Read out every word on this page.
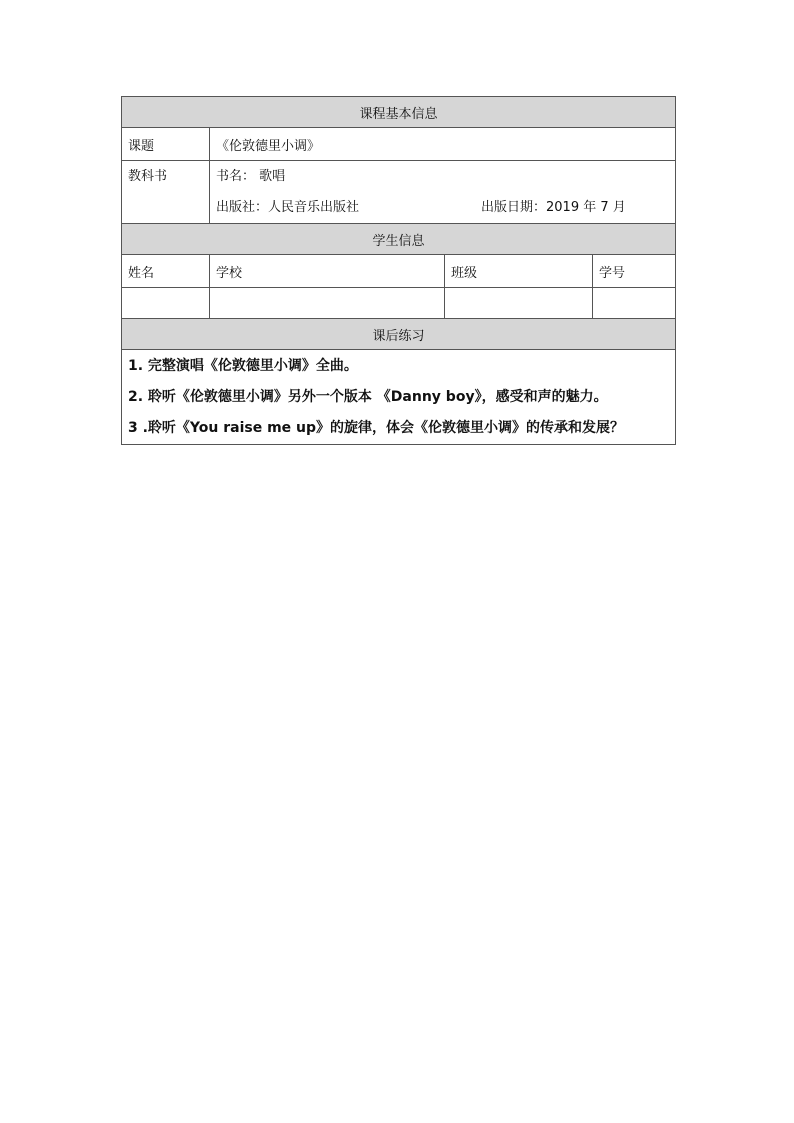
课程基本信息			
课题	《伦敦德里小调》		
教科书	书名： 歌唱
出版社：人民音乐出版社 出版日期：2019 年 7 月		

学生信息			
姓名	学校	班级	学号

课后练习			

1. 完整演唱《伦敦德里小调》全曲。
2. 聆听《伦敦德里小调》另外一个版本 《Danny boy》，感受和声的魅力。
3 .聆听《You raise me up》的旋律，体会《伦敦德里小调》的传承和发展？			
